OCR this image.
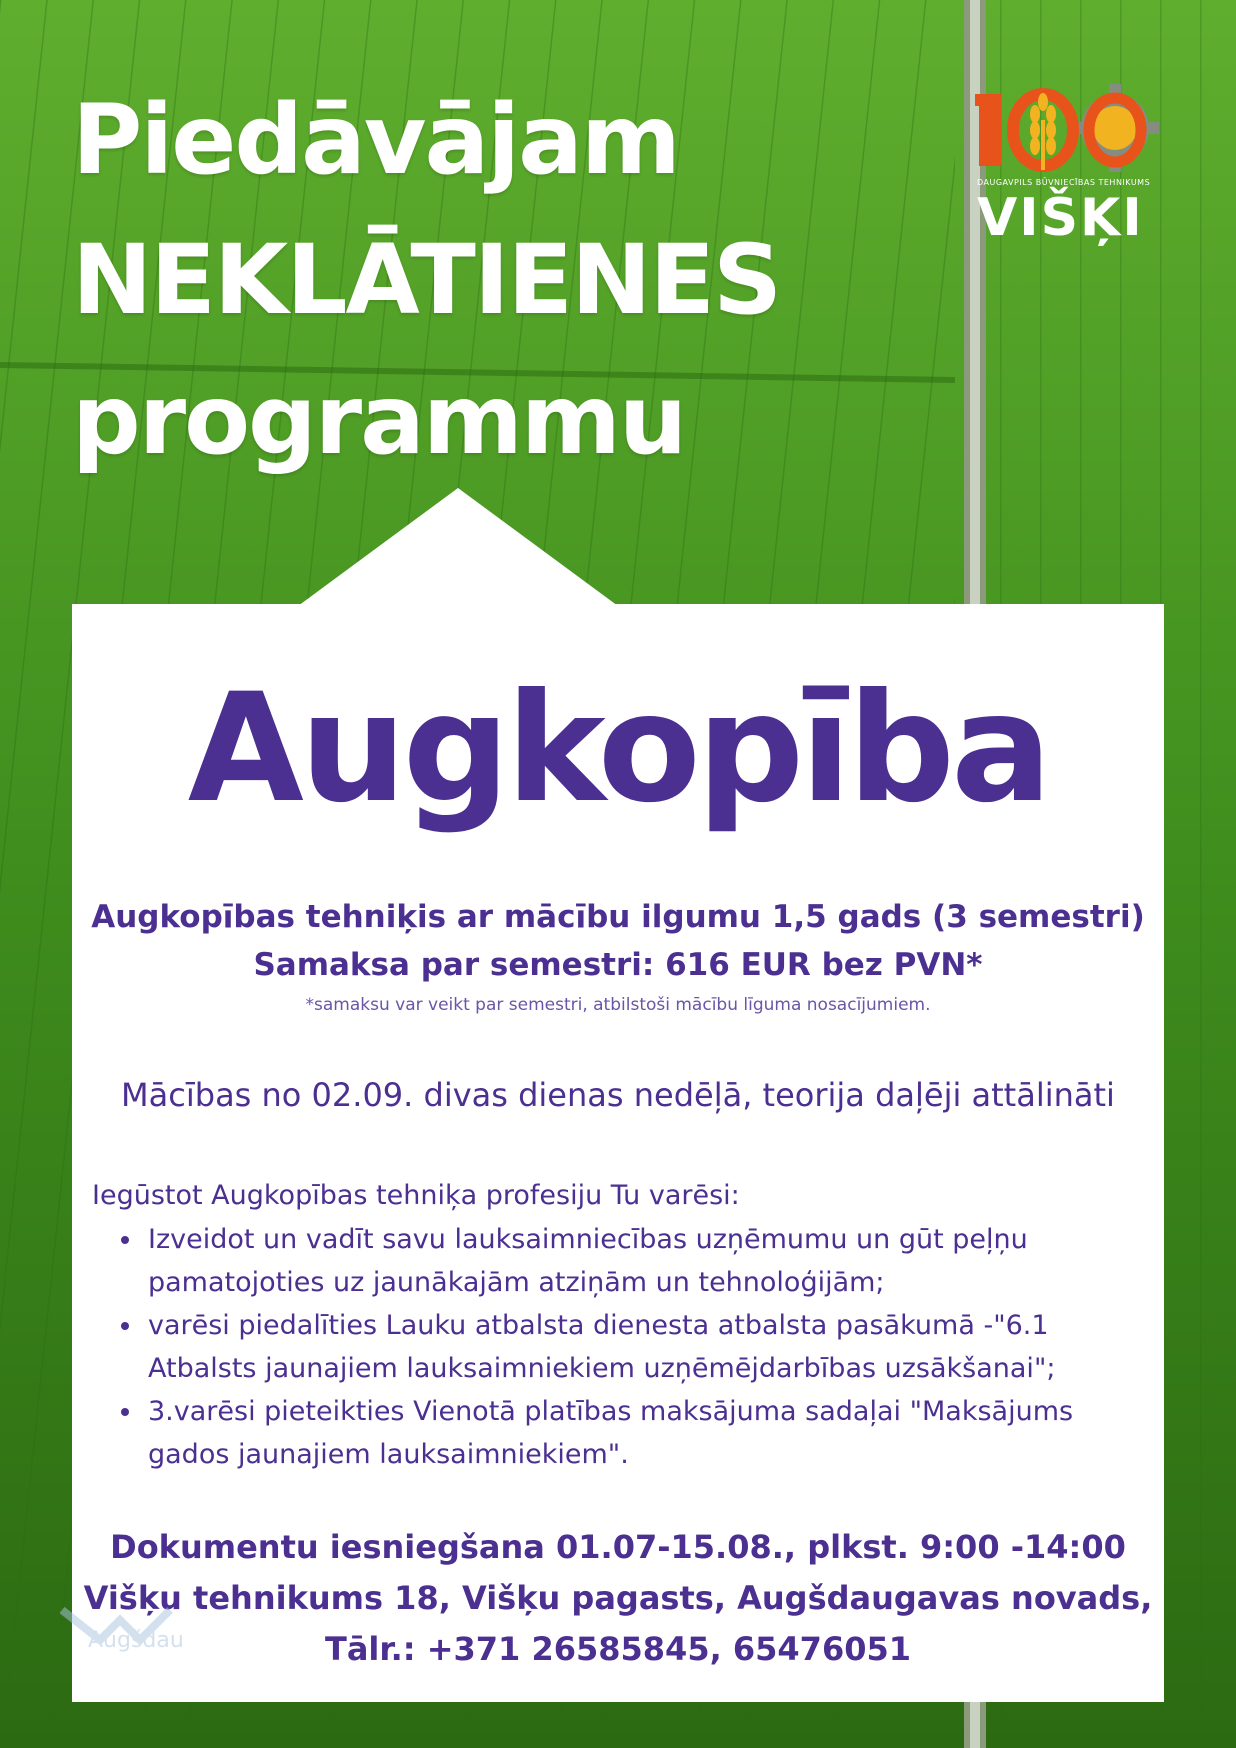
Piedāvājam
NEKLĀTIENES
programmu
DAUGAVPILS BŪVNIECĪBAS TEHNIKUMS
VIŠĶI
Augkopība
Augkopības tehniķis ar mācību ilgumu 1,5 gads (3 semestri)
Samaksa par semestri: 616 EUR bez PVN*
*samaksu var veikt par semestri, atbilstoši mācību līguma nosacījumiem.
Mācības no 02.09. divas dienas nedēļā, teorija daļēji attālināti
Iegūstot Augkopības tehniķa profesiju Tu varēsi:
• Izveidot un vadīt savu lauksaimniecības uzņēmumu un gūt peļņu pamatojoties uz jaunākajām atziņām un tehnoloģijām;
• varēsi piedalīties Lauku atbalsta dienesta atbalsta pasākumā -"6.1 Atbalsts jaunajiem lauksaimniekiem uzņēmējdarbības uzsākšanai";
• 3.varēsi pieteikties Vienotā platības maksājuma sadaļai "Maksājums gados jaunajiem lauksaimniekiem".
Dokumentu iesniegšana 01.07-15.08., plkst. 9:00 -14:00
Višķu tehnikums 18, Višķu pagasts, Augšdaugavas novads,
Tālr.: +371 26585845, 65476051
Augšdau
